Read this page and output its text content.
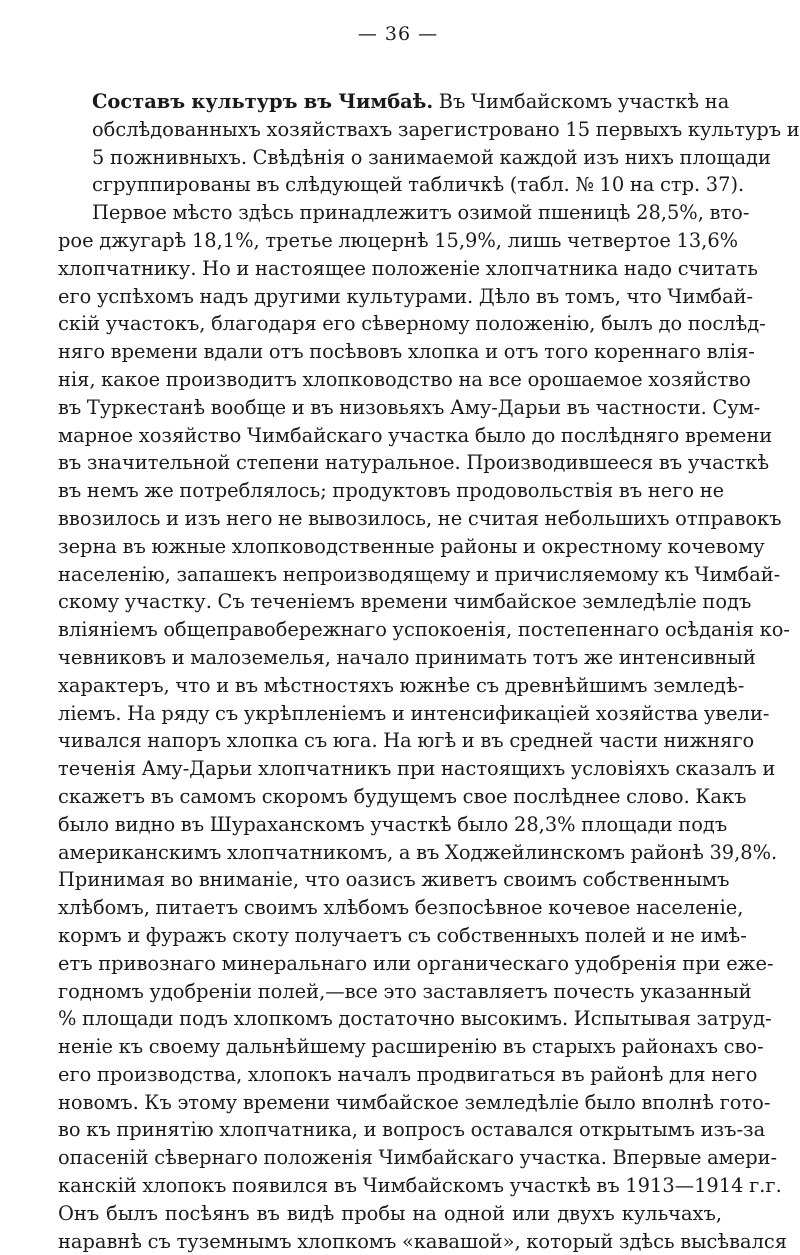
— 36 —
Составъ культуръ въ Чимбаѣ. Въ Чимбайскомъ участкѣ на
обслѣдованныхъ хозяйствахъ зарегистровано 15 первыхъ культуръ и
5 пожнивныхъ. Свѣдѣнія о занимаемой каждой изъ нихъ площади
сгруппированы въ слѣдующей табличкѣ (табл. № 10 на стр. 37).
Первое мѣсто здѣсь принадлежитъ озимой пшеницѣ 28,5%, вто-
рое джугарѣ 18,1%, третье люцернѣ 15,9%, лишь четвертое 13,6%
хлопчатнику. Но и настоящее положеніе хлопчатника надо считать
его успѣхомъ надъ другими культурами. Дѣло въ томъ, что Чимбай-
скій участокъ, благодаря его сѣверному положенію, былъ до послѣд-
няго времени вдали отъ посѣвовъ хлопка и отъ того кореннаго влія-
нія, какое производитъ хлопководство на все орошаемое хозяйство
въ Туркестанѣ вообще и въ низовьяхъ Аму-Дарьи въ частности. Сум-
марное хозяйство Чимбайскаго участка было до послѣдняго времени
въ значительной степени натуральное. Производившееся въ участкѣ
въ немъ же потреблялось; продуктовъ продовольствія въ него не
ввозилось и изъ него не вывозилось, не считая небольшихъ отправокъ
зерна въ южные хлопководственные районы и окрестному кочевому
населенію, запашекъ непроизводящему и причисляемому къ Чимбай-
скому участку. Съ теченіемъ времени чимбайское земледѣліе подъ
вліяніемъ общеправобережнаго успокоенія, постепеннаго осѣданія ко-
чевниковъ и малоземелья, начало принимать тотъ же интенсивный
характеръ, что и въ мѣстностяхъ южнѣе съ древнѣйшимъ земледѣ-
ліемъ. На ряду съ укрѣпленіемъ и интенсификаціей хозяйства увели-
чивался напоръ хлопка съ юга. На югѣ и въ средней части нижняго
теченія Аму-Дарьи хлопчатникъ при настоящихъ условіяхъ сказалъ и
скажетъ въ самомъ скоромъ будущемъ свое послѣднее слово. Какъ
было видно въ Шураханскомъ участкѣ было 28,3% площади подъ
американскимъ хлопчатникомъ, а въ Ходжейлинскомъ районѣ 39,8%.
Принимая во вниманіе, что оазисъ живетъ своимъ собственнымъ
хлѣбомъ, питаетъ своимъ хлѣбомъ безпосѣвное кочевое населеніе,
кормъ и фуражъ скоту получаетъ съ собственныхъ полей и не имѣ-
етъ привознаго минеральнаго или органическаго удобренія при еже-
годномъ удобреніи полей,—все это заставляетъ почесть указанный
% площади подъ хлопкомъ достаточно высокимъ. Испытывая затруд-
неніе къ своему дальнѣйшему расширенію въ старыхъ районахъ сво-
его производства, хлопокъ началъ продвигаться въ районѣ для него
новомъ. Къ этому времени чимбайское земледѣліе было вполнѣ гото-
во къ принятію хлопчатника, и вопросъ оставался открытымъ изъ-за
опасеній сѣвернаго положенія Чимбайскаго участка. Впервые амери-
канскій хлопокъ появился въ Чимбайскомъ участкѣ въ 1913—1914 г.г.
Онъ былъ посѣянъ въ видѣ пробы на одной или двухъ кульчахъ,
наравнѣ съ туземнымъ хлопкомъ «кавашой», который здѣсь высѣвался
